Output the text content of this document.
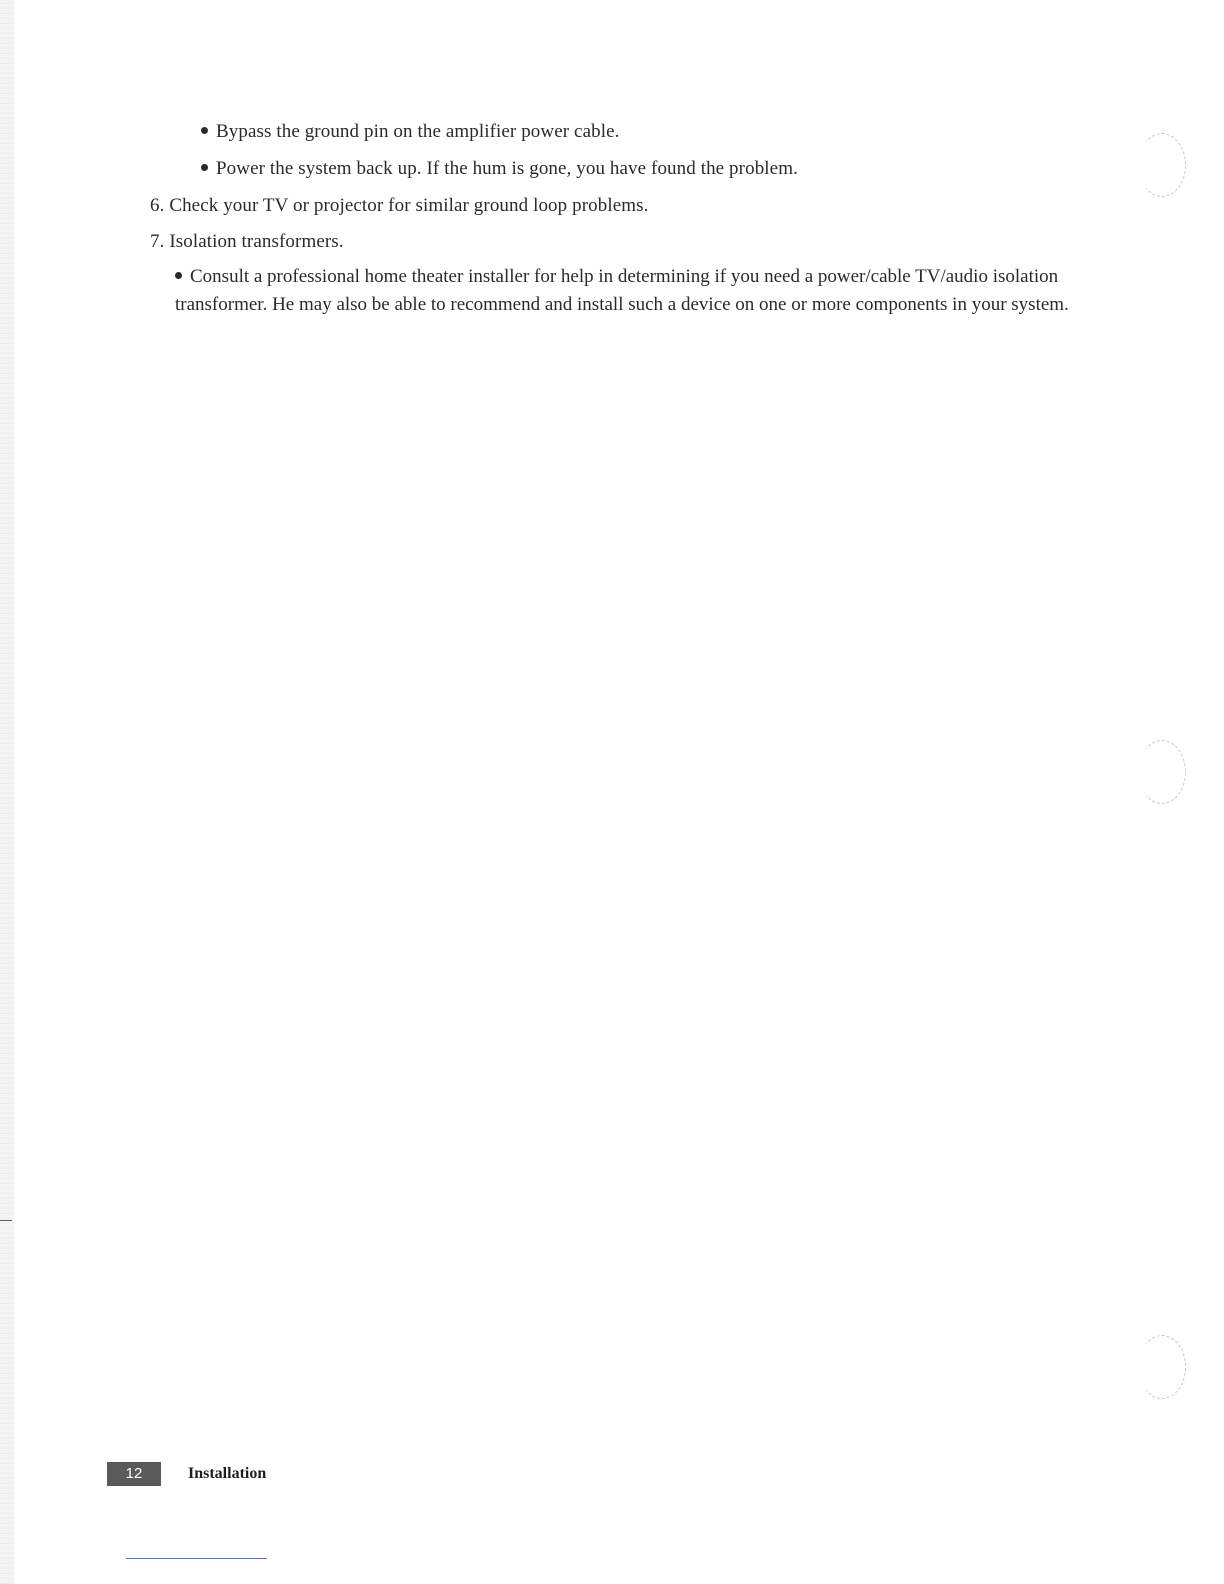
Bypass the ground pin on the amplifier power cable.
Power the system back up. If the hum is gone, you have found the problem.
6. Check your TV or projector for similar ground loop problems.
7. Isolation transformers.
Consult a professional home theater installer for help in determining if you need a power/cable TV/audio isolation
transformer. He may also be able to recommend and install such a device on one or more components in your system.
12	Installation
